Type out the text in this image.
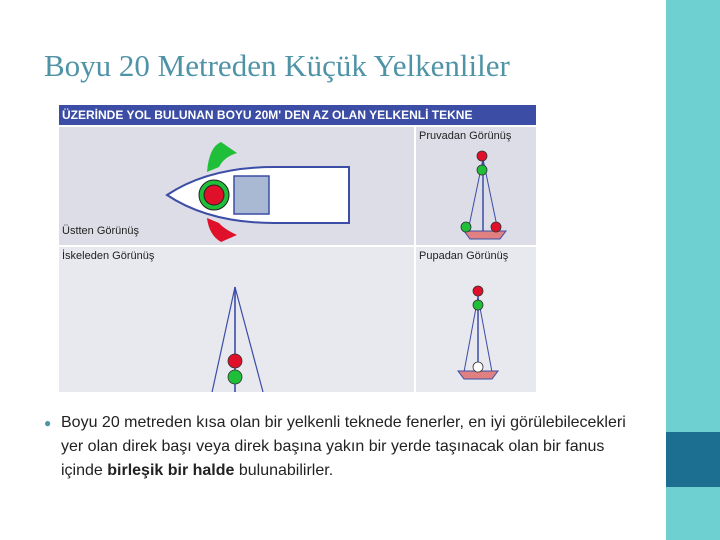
Boyu 20 Metreden Küçük Yelkenliler
ÜZERİNDE YOL BULUNAN BOYU 20M' DEN AZ OLAN YELKENLİ TEKNE
Üstten Görünüş
Pruvadan Görünüş
İskeleden Görünüş	Pupadan Görünüş
● Boyu 20 metreden kısa olan bir yelkenli teknede fenerler, en iyi görülebilecekleri yer olan direk başı veya direk başına yakın bir yerde taşınacak olan bir fanus içinde birleşik bir halde bulunabilirler.
